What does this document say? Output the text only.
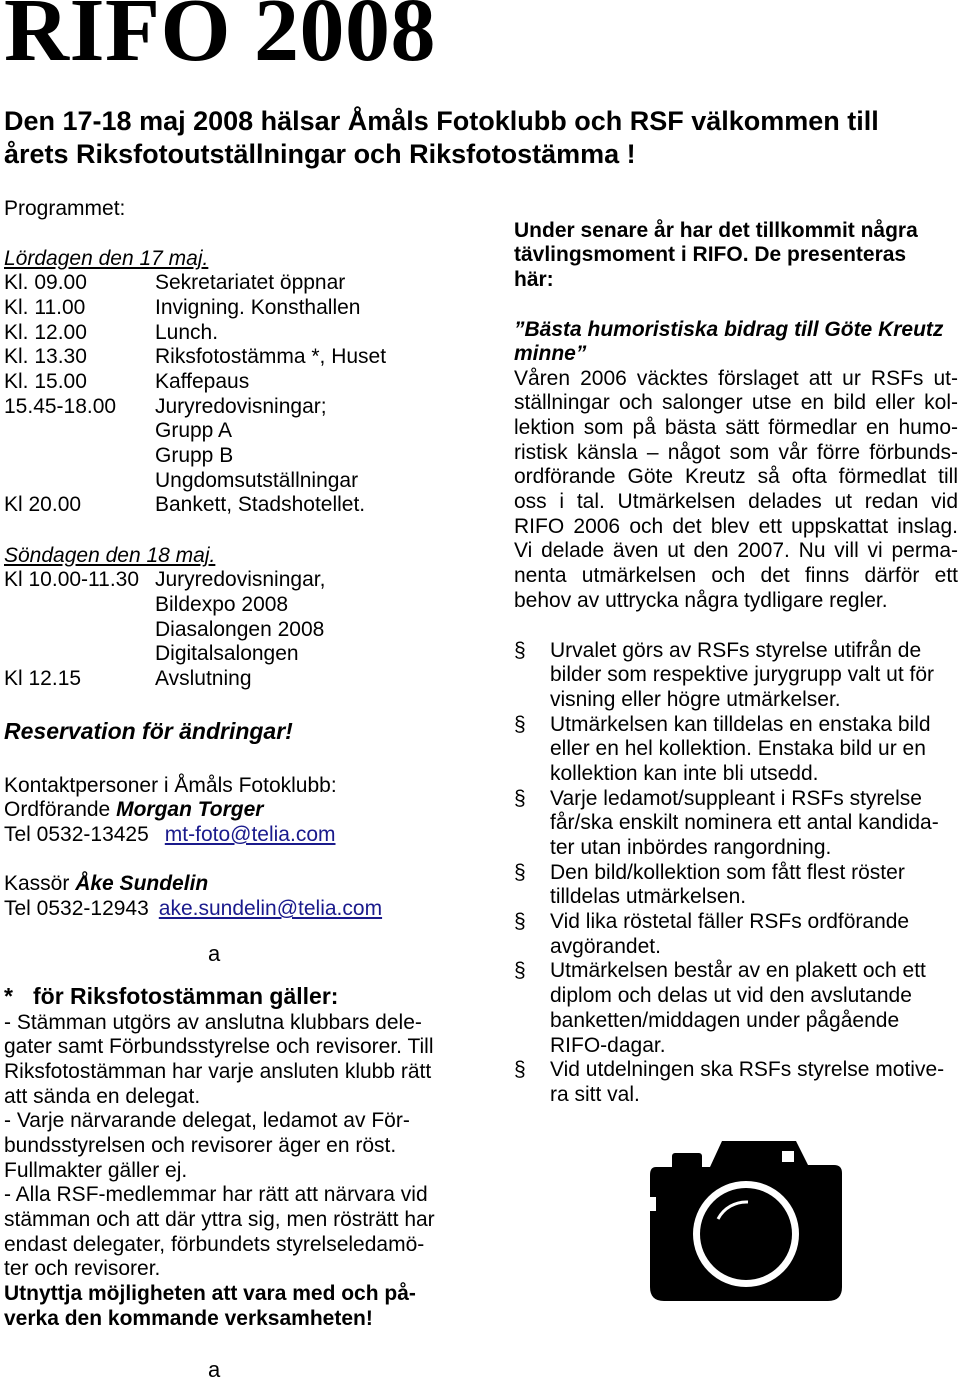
RIFO 2008
Den 17-18 maj 2008 hälsar Åmåls Fotoklubb och RSF välkommen till
årets Riksfotoutställningar och Riksfotostämma !
Programmet:
Lördagen den 17 maj.
Kl. 09.00	Sekretariatet öppnar
Kl. 11.00	Invigning. Konsthallen
Kl. 12.00	Lunch.
Kl. 13.30	Riksfotostämma *, Huset
Kl. 15.00	Kaffepaus
15.45-18.00	Juryredovisningar;
Grupp A
Grupp B
Ungdomsutställningar
Kl 20.00	Bankett, Stadshotellet.
Söndagen den 18 maj.
Kl 10.00-11.30 Juryredovisningar,
Bildexpo 2008
Diasalongen 2008
Digitalsalongen
Kl 12.15	Avslutning
Reservation för ändringar!
Kontaktpersoner i Åmåls Fotoklubb:
Ordförande Morgan Torger
Tel 0532-13425 mt-foto@telia.com
Kassör Åke Sundelin
Tel 0532-12943 ake.sundelin@telia.com
a
* för Riksfotostämman gäller:
- Stämman utgörs av anslutna klubbars dele-
gater samt Förbundsstyrelse och revisorer. Till
Riksfotostämman har varje ansluten klubb rätt
att sända en delegat.
- Varje närvarande delegat, ledamot av För-
bundsstyrelsen och revisorer äger en röst.
Fullmakter gäller ej.
- Alla RSF-medlemmar har rätt att närvara vid
stämman och att där yttra sig, men rösträtt har
endast delegater, förbundets styrelseledamö-
ter och revisorer.
Utnyttja möjligheten att vara med och på-
verka den kommande verksamheten!
a
Under senare år har det tillkommit några
tävlingsmoment i RIFO. De presenteras
här:
”Bästa humoristiska bidrag till Göte Kreutz
minne”
Våren 2006 väcktes förslaget att ur RSFs ut-
ställningar och salonger utse en bild eller kol-
lektion som på bästa sätt förmedlar en humo-
ristisk känsla – något som vår förre förbunds-
ordförande Göte Kreutz så ofta förmedlat till
oss i tal. Utmärkelsen delades ut redan vid
RIFO 2006 och det blev ett uppskattat inslag.
Vi delade även ut den 2007. Nu vill vi perma-
nenta utmärkelsen och det finns därför ett
behov av uttrycka några tydligare regler.
§	Urvalet görs av RSFs styrelse utifrån de
bilder som respektive jurygrupp valt ut för
visning eller högre utmärkelser.
§	Utmärkelsen kan tilldelas en enstaka bild
eller en hel kollektion. Enstaka bild ur en
kollektion kan inte bli utsedd.
§	Varje ledamot/suppleant i RSFs styrelse
får/ska enskilt nominera ett antal kandida-
ter utan inbördes rangordning.
§	Den bild/kollektion som fått flest röster
tilldelas utmärkelsen.
§	Vid lika röstetal fäller RSFs ordförande
avgörandet.
§	Utmärkelsen består av en plakett och ett
diplom och delas ut vid den avslutande
banketten/middagen under pågående
RIFO-dagar.
§	Vid utdelningen ska RSFs styrelse motive-
ra sitt val.
